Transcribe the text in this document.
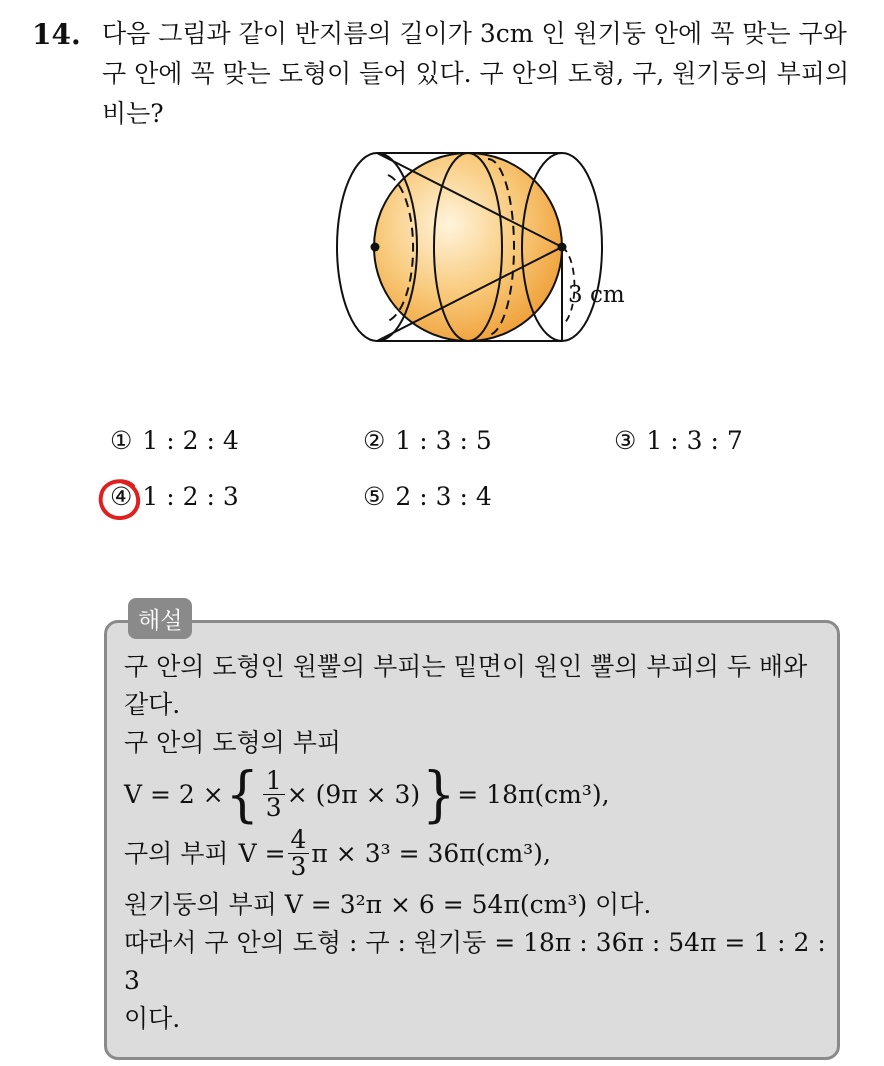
14. 다음 그림과 같이 반지름의 길이가 3cm 인 원기둥 안에 꼭 맞는 구와
구 안에 꼭 맞는 도형이 들어 있다. 구 안의 도형, 구, 원기둥의 부피의
비는?
3 cm
① 1 : 2 : 4	② 1 : 3 : 5	③ 1 : 3 : 7
④ 1 : 2 : 3	⑤ 2 : 3 : 4
해설
구 안의 도형인 원뿔의 부피는 밑면이 원인 뿔의 부피의 두 배와
같다.
구 안의 도형의 부피
V = 2 × { $\frac{1}{3} \times (9\pi \times 3)$ } = 18π(cm³),
구의 부피 $V = \frac{4}{3}$ π × 3³ = 36π(cm³),
원기둥의 부피 V = 3²π × 6 = 54π(cm³) 이다.
따라서 구 안의 도형 : 구 : 원기둥 = 18π : 36π : 54π = 1 : 2 : 3
이다.
